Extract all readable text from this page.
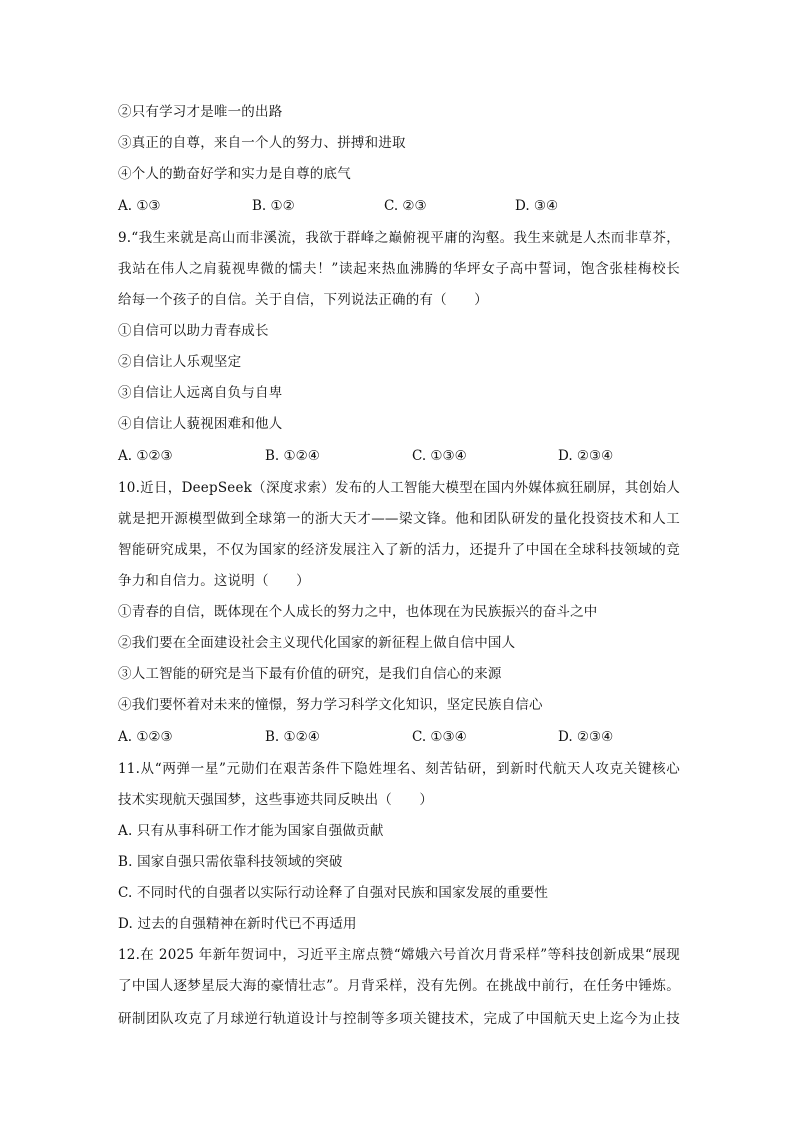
②只有学习才是唯一的出路
③真正的自尊，来自一个人的努力、拼搏和进取
④个人的勤奋好学和实力是自尊的底气
A. ①③	B. ①②	C. ②③	D. ③④
9.“我生来就是高山而非溪流，我欲于群峰之巅俯视平庸的沟壑。我生来就是人杰而非草芥，
我站在伟人之肩藐视卑微的懦夫！”读起来热血沸腾的华坪女子高中誓词，饱含张桂梅校长
给每一个孩子的自信。关于自信，下列说法正确的有（　　）
①自信可以助力青春成长
②自信让人乐观坚定
③自信让人远离自负与自卑
④自信让人藐视困难和他人
A. ①②③	B. ①②④	C. ①③④	D. ②③④
10.近日，DeepSeek（深度求索）发布的人工智能大模型在国内外媒体疯狂刷屏，其创始人
就是把开源模型做到全球第一的浙大天才——梁文锋。他和团队研发的量化投资技术和人工
智能研究成果，不仅为国家的经济发展注入了新的活力，还提升了中国在全球科技领域的竞
争力和自信力。这说明（　　）
①青春的自信，既体现在个人成长的努力之中，也体现在为民族振兴的奋斗之中
②我们要在全面建设社会主义现代化国家的新征程上做自信中国人
③人工智能的研究是当下最有价值的研究，是我们自信心的来源
④我们要怀着对未来的憧憬，努力学习科学文化知识，坚定民族自信心
A. ①②③	B. ①②④	C. ①③④	D. ②③④
11.从“两弹一星”元勋们在艰苦条件下隐姓埋名、刻苦钻研，到新时代航天人攻克关键核心
技术实现航天强国梦，这些事迹共同反映出（　　）
A. 只有从事科研工作才能为国家自强做贡献
B. 国家自强只需依靠科技领域的突破
C. 不同时代的自强者以实际行动诠释了自强对民族和国家发展的重要性
D. 过去的自强精神在新时代已不再适用
12.在 2025 年新年贺词中，习近平主席点赞“嫦娥六号首次月背采样”等科技创新成果“展现
了中国人逐梦星辰大海的豪情壮志”。月背采样，没有先例。在挑战中前行，在任务中锤炼。
研制团队攻克了月球逆行轨道设计与控制等多项关键技术，完成了中国航天史上迄今为止技
